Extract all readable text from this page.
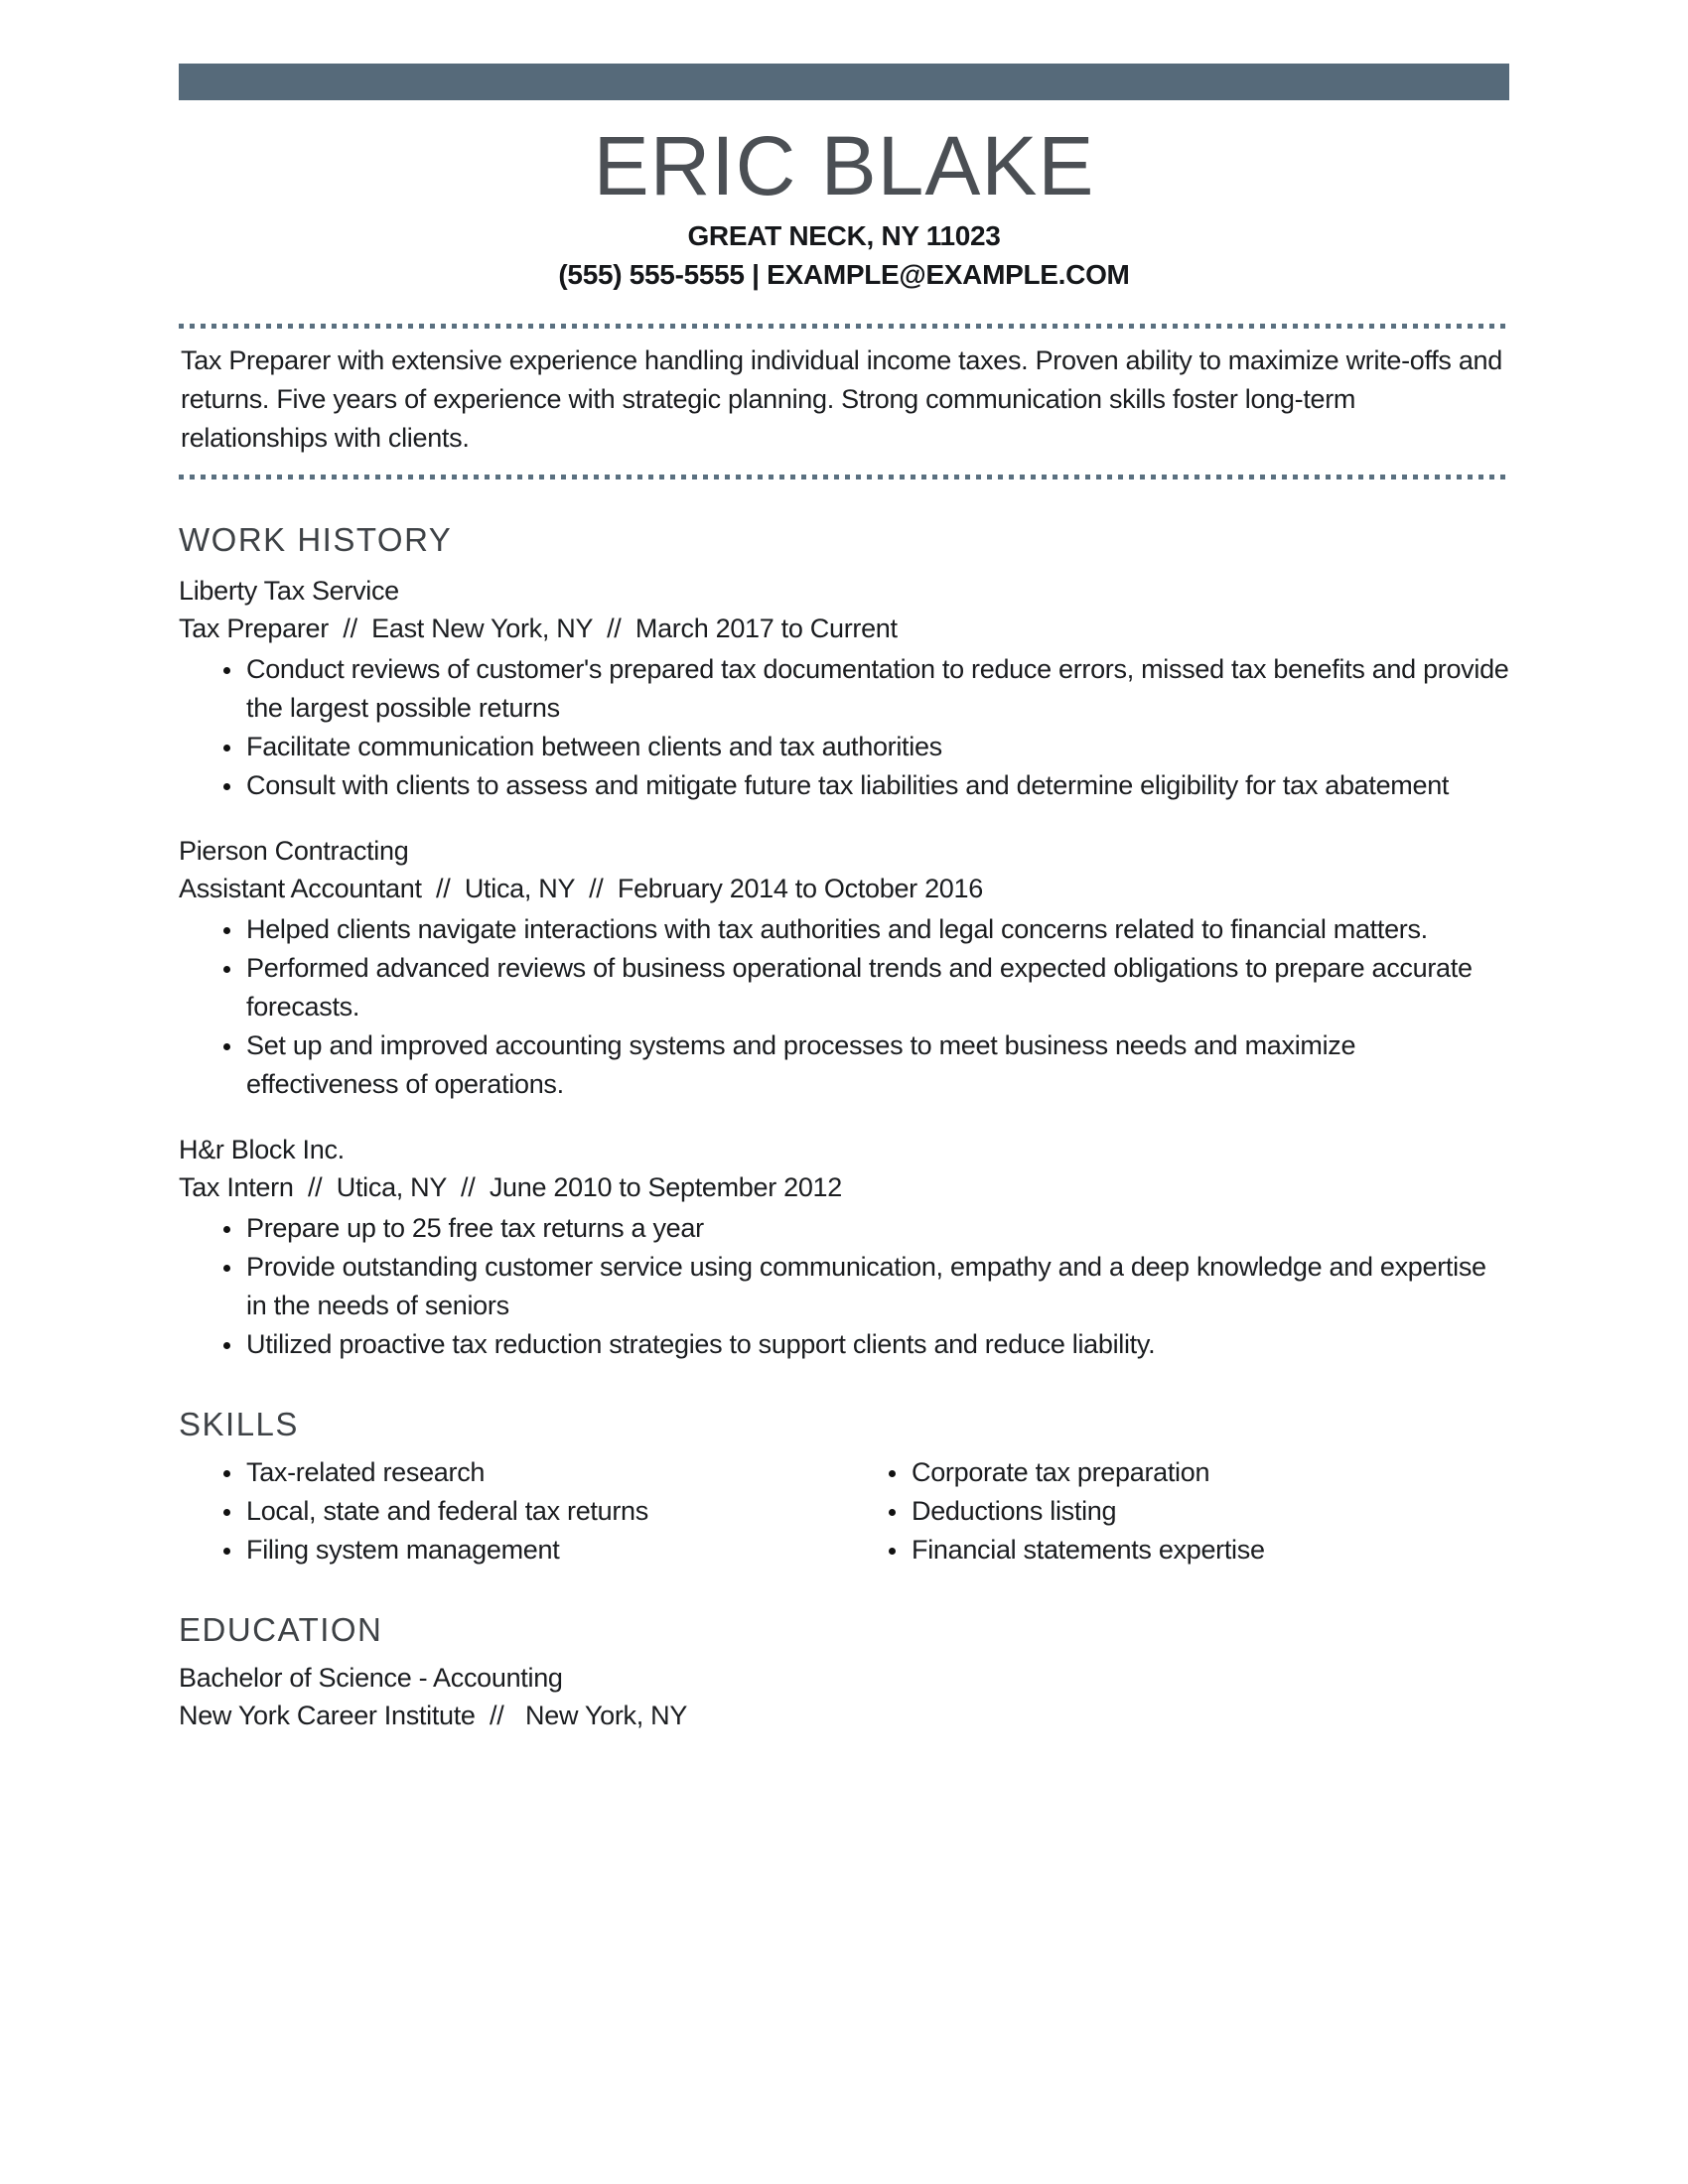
ERIC BLAKE
GREAT NECK, NY 11023
(555) 555-5555 | EXAMPLE@EXAMPLE.COM

Tax Preparer with extensive experience handling individual income taxes. Proven ability to maximize write-offs and returns. Five years of experience with strategic planning. Strong communication skills foster long-term relationships with clients.

WORK HISTORY
Liberty Tax Service
Tax Preparer  //  East New York, NY  //  March 2017 to Current
• Conduct reviews of customer's prepared tax documentation to reduce errors, missed tax benefits and provide the largest possible returns
• Facilitate communication between clients and tax authorities
• Consult with clients to assess and mitigate future tax liabilities and determine eligibility for tax abatement
Pierson Contracting
Assistant Accountant  //  Utica, NY  //  February 2014 to October 2016
• Helped clients navigate interactions with tax authorities and legal concerns related to financial matters.
• Performed advanced reviews of business operational trends and expected obligations to prepare accurate forecasts.
• Set up and improved accounting systems and processes to meet business needs and maximize effectiveness of operations.
H&r Block Inc.
Tax Intern  //  Utica, NY  //  June 2010 to September 2012
• Prepare up to 25 free tax returns a year
• Provide outstanding customer service using communication, empathy and a deep knowledge and expertise in the needs of seniors
• Utilized proactive tax reduction strategies to support clients and reduce liability.
SKILLS
• Tax-related research
• Local, state and federal tax returns
• Filing system management
• Corporate tax preparation
• Deductions listing
• Financial statements expertise
EDUCATION
Bachelor of Science - Accounting
New York Career Institute  //   New York, NY
